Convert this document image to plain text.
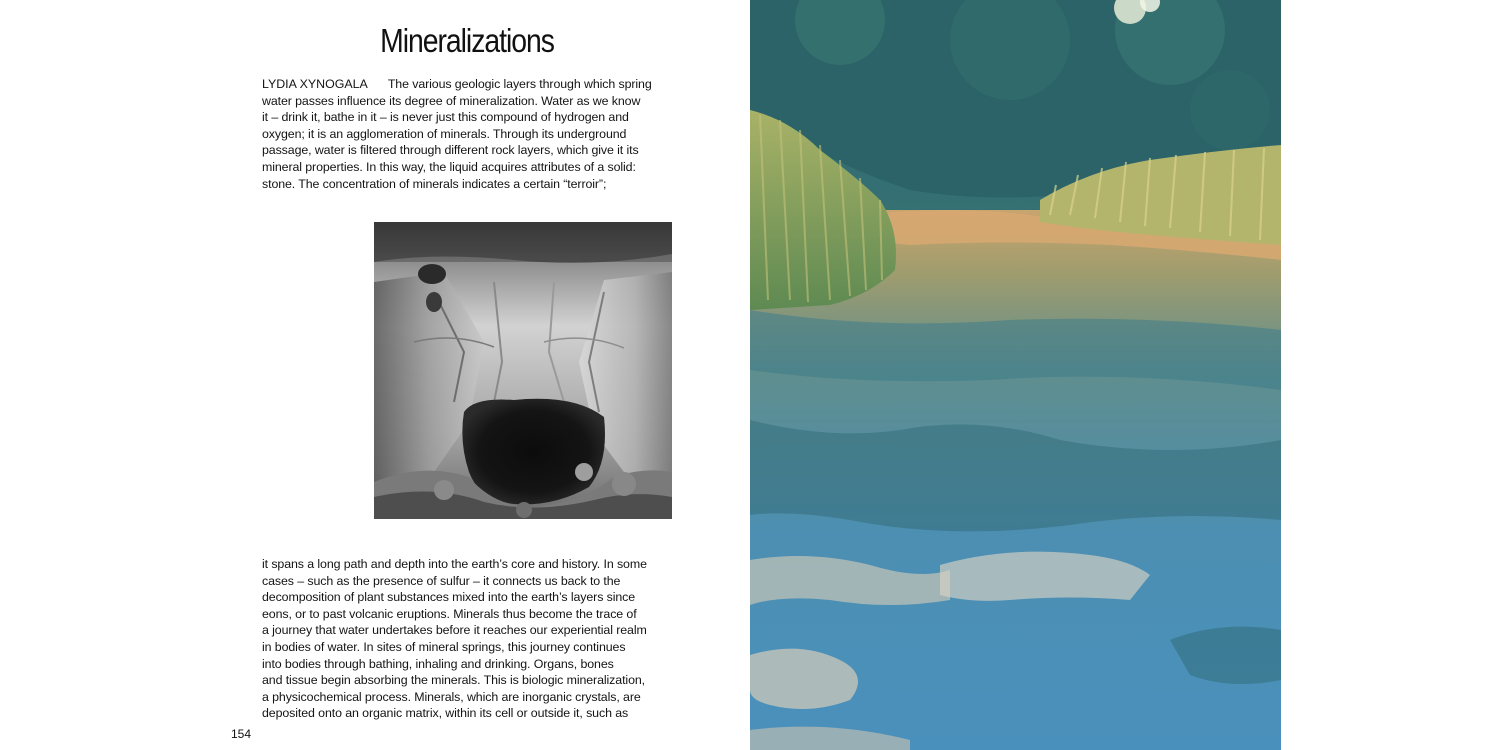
Mineralizations

LYDIA XYNOGALA The various geologic layers through which spring
water passes influence its degree of mineralization. Water as we know
it – drink it, bathe in it – is never just this compound of hydrogen and
oxygen; it is an agglomeration of minerals. Through its underground
passage, water is filtered through different rock layers, which give it its
mineral properties. In this way, the liquid acquires attributes of a solid:
stone. The concentration of minerals indicates a certain “terroir”;

it spans a long path and depth into the earth’s core and history. In some
cases – such as the presence of sulfur – it connects us back to the
decomposition of plant substances mixed into the earth’s layers since
eons, or to past volcanic eruptions. Minerals thus become the trace of
a journey that water undertakes before it reaches our experiential realm
in bodies of water. In sites of mineral springs, this journey continues
into bodies through bathing, inhaling and drinking. Organs, bones
and tissue begin absorbing the minerals. This is biologic mineralization,
a physicochemical process. Minerals, which are inorganic crystals, are
deposited onto an organic matrix, within its cell or outside it, such as

154
